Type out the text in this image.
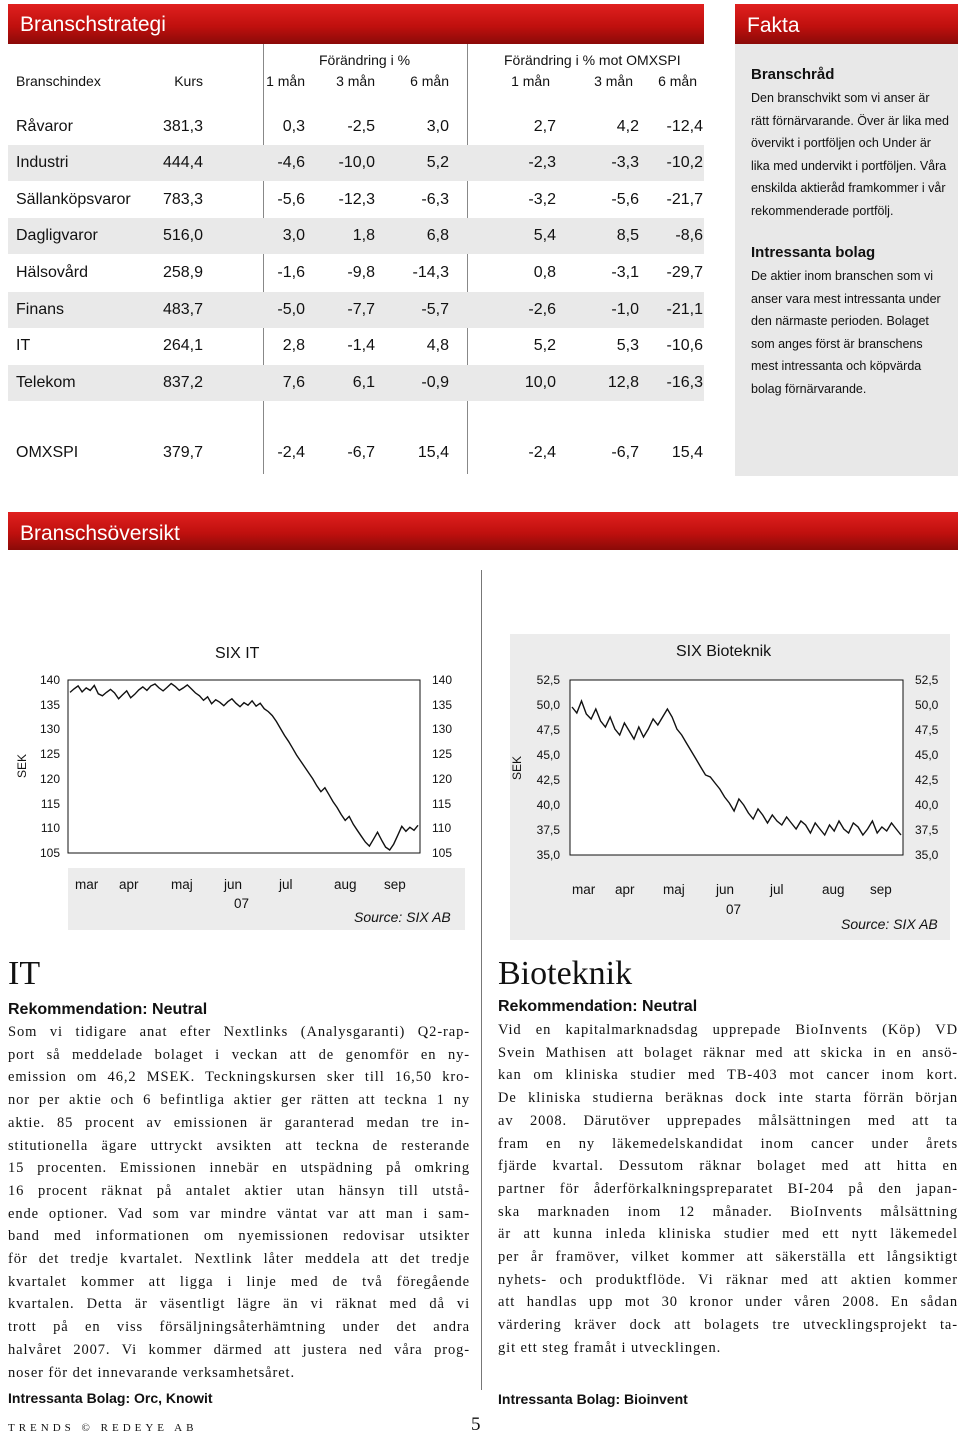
Branschstrategi
Förändring i %	Förändring i % mot OMXSPI
Branschindex	Kurs	1 mån 3 mån	6 mån	1 mån	3 mån 6 mån
Råvaror	381,3	0,3	-2,5	3,0	2,7	4,2 -12,4
Industri	444,4	-4,6 -10,0	5,2	-2,3	-3,3 -10,2
Sällanköpsvaror 783,3	-5,6 -12,3	-6,3	-3,2	-5,6 -21,7
Dagligvaror	516,0	3,0	1,8	6,8	5,4	8,5 -8,6
Hälsovård	258,9	-1,6	-9,8 -14,3	0,8	-3,1 -29,7
Finans	483,7	-5,0	-7,7	-5,7	-2,6	-1,0 -21,1
IT	264,1	2,8	-1,4	4,8	5,2	5,3 -10,6
Telekom	837,2	7,6	6,1	-0,9	10,0	12,8 -16,3
OMXSPI	379,7	-2,4	-6,7	15,4	-2,4	-6,7 15,4
Fakta
Branschråd
Den branschvikt som vi anser är rätt förnärvarande. Över är lika med övervikt i portföljen och Under är lika med undervikt i portföljen. Våra enskilda aktieråd framkommer i vår rekommenderade portfölj.
Intressanta bolag
De aktier inom branschen som vi anser vara mest intressanta under den närmaste perioden. Bolaget som anges först är branschens mest intressanta och köpvärda bolag förnärvarande.
Branschsöversikt
SIX IT
SEK
140	140
135	135
130	130
125	125
120	120
115	115
110	110
105	105
mar apr maj jun	jul	aug sep
07
Source: SIX AB
SIX Bioteknik
SEK
52,5	52,5
50,0	50,0
47,5	47,5
45,0	45,0
42,5	42,5
40,0	40,0
37,5	37,5
35,0	35,0
mar apr maj jun	jul	aug sep
07
Source: SIX AB
IT
Rekommendation: Neutral
Som vi tidigare anat efter Nextlinks (Analysgaranti) Q2-rap-
port så meddelade bolaget i veckan att de genomför en ny-
emission om 46,2 MSEK. Teckningskursen sker till 16,50 kro-
nor per aktie och 6 befintliga aktier ger rätten att teckna 1 ny
aktie. 85 procent av emissionen är garanterad medan tre in-
stitutionella ägare uttryckt avsikten att teckna de resterande
15 procenten. Emissionen innebär en utspädning på omkring
16 procent räknat på antalet aktier utan hänsyn till utstå-
ende optioner. Vad som var mindre väntat var att man i sam-
band med informationen om nyemissionen redovisar utsikter
för det tredje kvartalet. Nextlink låter meddela att det tredje
kvartalet kommer att ligga i linje med de två föregående
kvartalen. Detta är väsentligt lägre än vi räknat med då vi
trott på en viss försäljningsåterhämtning under det andra
halvåret 2007. Vi kommer därmed att justera ned våra prog-
noser för det innevarande verksamhetsåret.
Intressanta Bolag: Orc, Knowit
Bioteknik
Rekommendation: Neutral
Vid en kapitalmarknadsdag upprepade BioInvents (Köp) VD
Svein Mathisen att bolaget räknar med att skicka in en ansö-
kan om kliniska studier med TB-403 mot cancer inom kort.
De kliniska studierna beräknas dock inte starta förrän början
av 2008. Därutöver upprepades målsättningen med att ta
fram en ny läkemedelskandidat inom cancer under årets
fjärde kvartal. Dessutom räknar bolaget med att hitta en
partner för åderförkalkningspreparatet BI-204 på den japan-
ska marknaden inom 12 månader. BioInvents målsättning
är att kunna inleda kliniska studier med ett nytt läkemedel
per år framöver, vilket kommer att säkerställa ett långsiktigt
nyhets- och produktflöde. Vi räknar med att aktien kommer
att handlas upp mot 30 kronor under våren 2008. En sådan
värdering kräver dock att bolagets tre utvecklingsprojekt ta-
git ett steg framåt i utvecklingen.
Intressanta Bolag: Bioinvent
TRENDS © REDEYE AB	5
